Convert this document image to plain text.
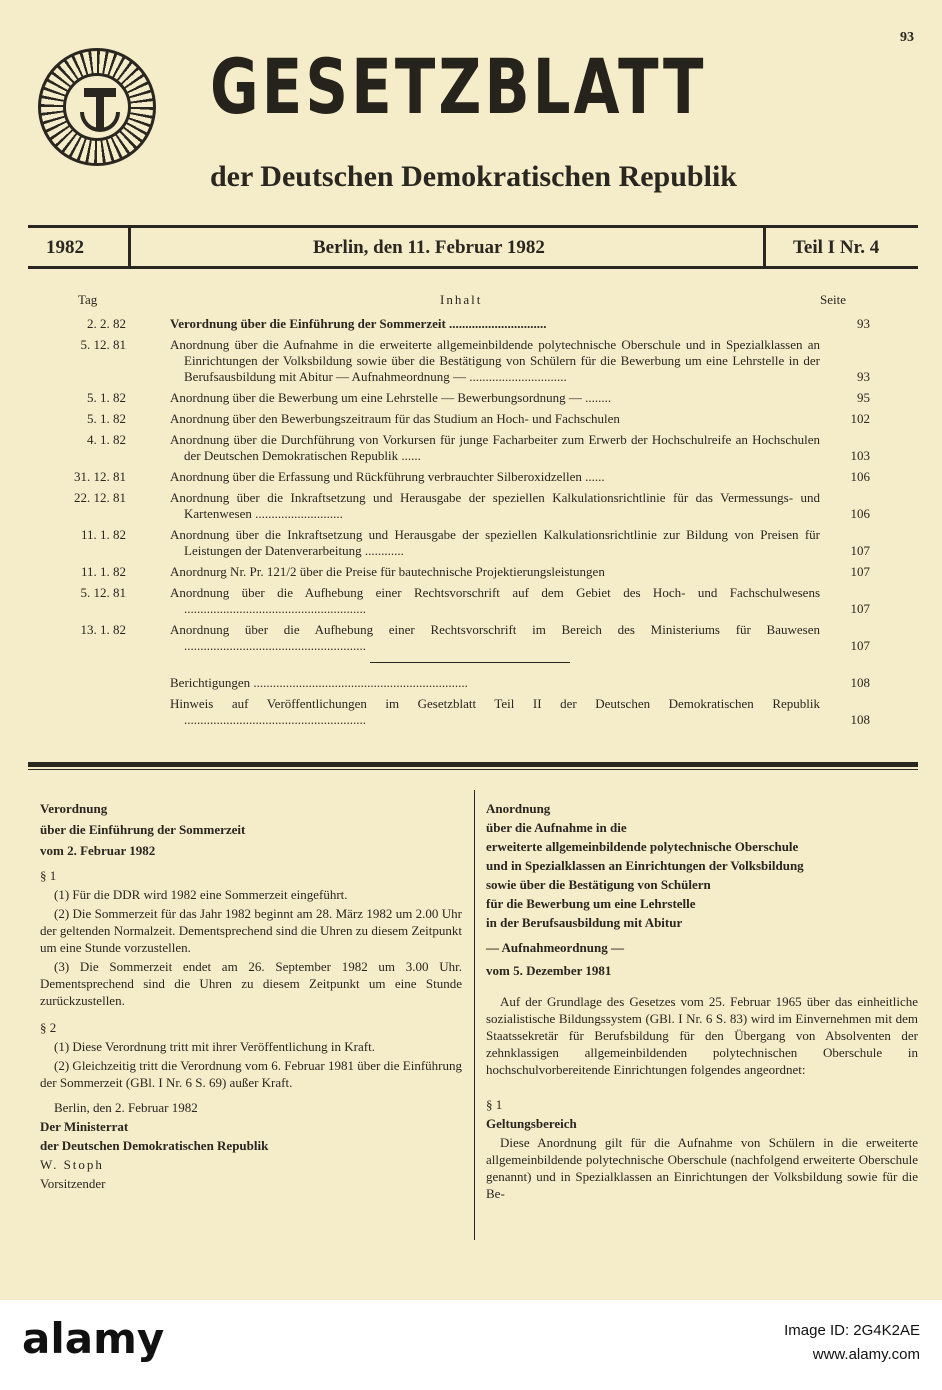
GESETZBLATT
der Deutschen Demokratischen Republik
93
1982	Berlin, den 11. Februar 1982	Teil I Nr. 4
Tag	Inhalt	Seite
2. 2. 82	Verordnung über die Einführung der Sommerzeit ..............................	93
5. 12. 81	Anordnung über die Aufnahme in die erweiterte allgemeinbildende polytechnische Oberschule und in Spezialklassen an Einrichtungen der Volksbildung sowie über die Bestätigung von Schülern für die Bewerbung um eine Lehrstelle in der Berufsausbildung mit Abitur — Aufnahmeordnung — ..............................	93
5. 1. 82	Anordnung über die Bewerbung um eine Lehrstelle — Bewerbungsordnung — ........	95
5. 1. 82	Anordnung über den Bewerbungszeitraum für das Studium an Hoch- und Fachschulen	102
4. 1. 82	Anordnung über die Durchführung von Vorkursen für junge Facharbeiter zum Erwerb der Hochschulreife an Hochschulen der Deutschen Demokratischen Republik ......	103
31. 12. 81	Anordnung über die Erfassung und Rückführung verbrauchter Silberoxidzellen ......	106
22. 12. 81	Anordnung über die Inkraftsetzung und Herausgabe der speziellen Kalkulationsrichtlinie für das Vermessungs- und Kartenwesen ...........................	106
11. 1. 82	Anordnung über die Inkraftsetzung und Herausgabe der speziellen Kalkulationsrichtlinie zur Bildung von Preisen für Leistungen der Datenverarbeitung ............	107
11. 1. 82	Anordnurg Nr. Pr. 121/2 über die Preise für bautechnische Projektierungsleistungen	107
5. 12. 81	Anordnung über die Aufhebung einer Rechtsvorschrift auf dem Gebiet des Hoch- und Fachschulwesens ........................................................	107
13. 1. 82	Anordnung über die Aufhebung einer Rechtsvorschrift im Bereich des Ministeriums für Bauwesen ........................................................	107
Berichtigungen ..................................................................	108
Hinweis auf Veröffentlichungen im Gesetzblatt Teil II der Deutschen Demokratischen Republik ........................................................	108

Verordnung

über die Einführung der Sommerzeit

vom 2. Februar 1982

§ 1

(1) Für die DDR wird 1982 eine Sommerzeit eingeführt.

(2) Die Sommerzeit für das Jahr 1982 beginnt am 28. März 1982 um 2.00 Uhr der geltenden Normalzeit. Dementsprechend sind die Uhren zu diesem Zeitpunkt um eine Stunde vorzustellen.

(3) Die Sommerzeit endet am 26. September 1982 um 3.00 Uhr. Dementsprechend sind die Uhren zu diesem Zeitpunkt um eine Stunde zurückzustellen.

§ 2

(1) Diese Verordnung tritt mit ihrer Veröffentlichung in Kraft.

(2) Gleichzeitig tritt die Verordnung vom 6. Februar 1981 über die Einführung der Sommerzeit (GBl. I Nr. 6 S. 69) außer Kraft.

Berlin, den 2. Februar 1982

Der Ministerrat

der Deutschen Demokratischen Republik

W. Stoph

Vorsitzender

Anordnung

über die Aufnahme in die

erweiterte allgemeinbildende polytechnische Oberschule

und in Spezialklassen an Einrichtungen der Volksbildung

sowie über die Bestätigung von Schülern

für die Bewerbung um eine Lehrstelle

in der Berufsausbildung mit Abitur

— Aufnahmeordnung —

vom 5. Dezember 1981

Auf der Grundlage des Gesetzes vom 25. Februar 1965 über das einheitliche sozialistische Bildungssystem (GBl. I Nr. 6 S. 83) wird im Einvernehmen mit dem Staatssekretär für Berufsbildung für den Übergang von Absolventen der zehnklassigen allgemeinbildenden polytechnischen Oberschule in hochschulvorbereitende Einrichtungen folgendes angeordnet:

§ 1

Geltungsbereich

Diese Anordnung gilt für die Aufnahme von Schülern in die erweiterte allgemeinbildende polytechnische Oberschule (nachfolgend erweiterte Oberschule genannt) und in Spezialklassen an Einrichtungen der Volksbildung sowie für die Be-

alamy	Image ID: 2G4K2AE
www.alamy.com
